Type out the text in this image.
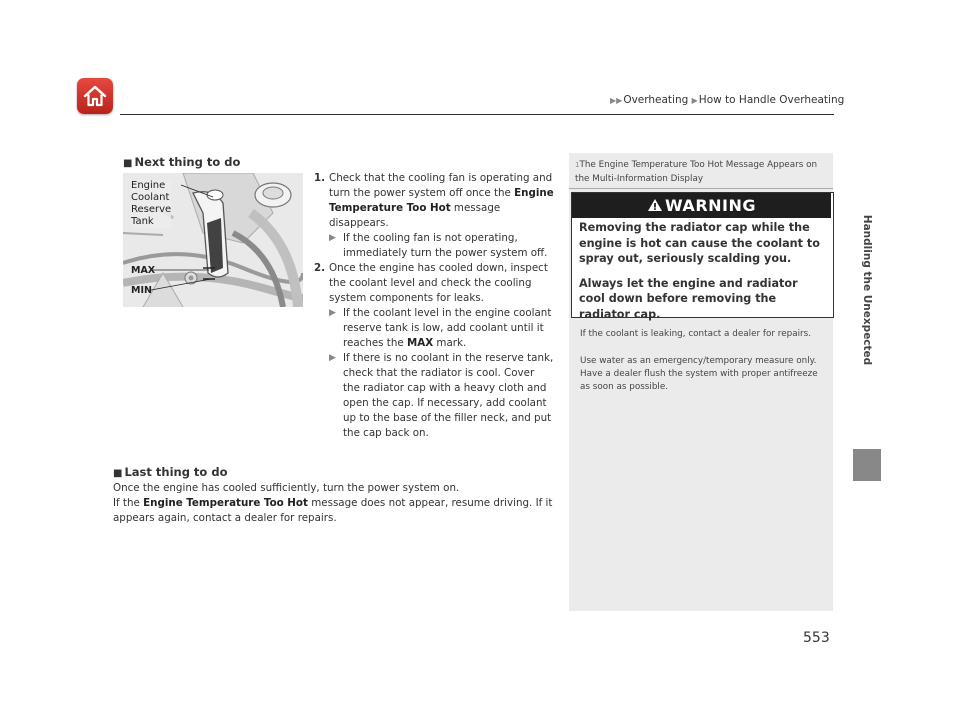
▶▶Overheating ▶How to Handle Overheating
Handling the Unexpected
■ Next thing to do
Engine
Coolant
Reserve
Tank
MAX
MIN
1. Check that the cooling fan is operating and turn the power system off once the Engine Temperature Too Hot message disappears.
▶ If the cooling fan is not operating, immediately turn the power system off.
2. Once the engine has cooled down, inspect the coolant level and check the cooling system components for leaks.
▶ If the coolant level in the engine coolant reserve tank is low, add coolant until it reaches the MAX mark.
▶ If there is no coolant in the reserve tank, check that the radiator is cool. Cover the radiator cap with a heavy cloth and open the cap. If necessary, add coolant up to the base of the filler neck, and put the cap back on.
■ Last thing to do
Once the engine has cooled sufficiently, turn the power system on.
If the Engine Temperature Too Hot message does not appear, resume driving. If it appears again, contact a dealer for repairs.
$^1$The Engine Temperature Too Hot Message Appears on the Multi-Information Display
WARNING
Removing the radiator cap while the engine is hot can cause the coolant to spray out, seriously scalding you.
Always let the engine and radiator cool down before removing the radiator cap.
If the coolant is leaking, contact a dealer for repairs.
Use water as an emergency/temporary measure only. Have a dealer flush the system with proper antifreeze as soon as possible.
553
